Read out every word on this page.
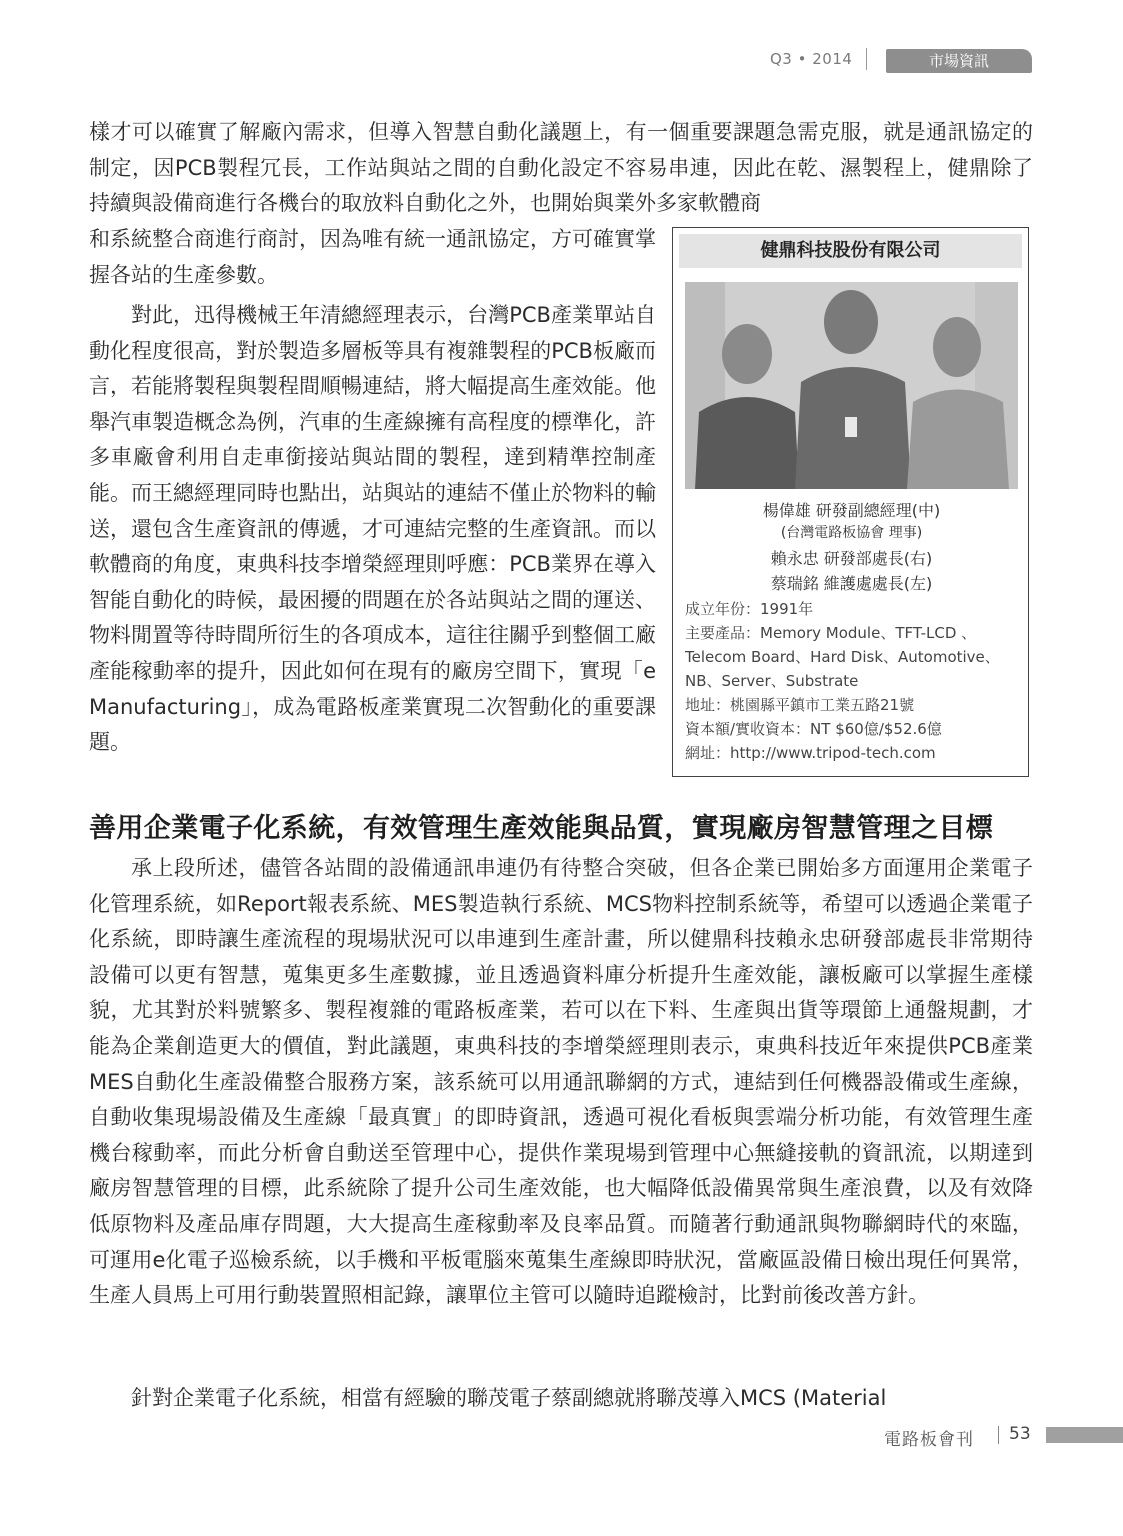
Q3 • 2014	市場資訊

樣才可以確實了解廠內需求，但導入智慧自動化議題上，有一個重要課題急需克服，就是通訊協定的制定，因PCB製程冗長，工作站與站之間的自動化設定不容易串連，因此在乾、濕製程上，健鼎除了持續與設備商進行各機台的取放料自動化之外，也開始與業外多家軟體商

和系統整合商進行商討，因為唯有統一通訊協定，方可確實掌握各站的生產參數。

對此，迅得機械王年清總經理表示，台灣PCB產業單站自動化程度很高，對於製造多層板等具有複雜製程的PCB板廠而言，若能將製程與製程間順暢連結，將大幅提高生產效能。他舉汽車製造概念為例，汽車的生產線擁有高程度的標準化，許多車廠會利用自走車銜接站與站間的製程，達到精準控制產能。而王總經理同時也點出，站與站的連結不僅止於物料的輸送，還包含生產資訊的傳遞，才可連結完整的生產資訊。而以軟體商的角度，東典科技李增榮經理則呼應：PCB業界在導入智能自動化的時候，最困擾的問題在於各站與站之間的運送、物料閒置等待時間所衍生的各項成本，這往往關乎到整個工廠產能稼動率的提升，因此如何在現有的廠房空間下，實現「e Manufacturing」，成為電路板產業實現二次智動化的重要課題。

健鼎科技股份有限公司
楊偉雄 研發副總經理(中)
(台灣電路板協會 理事)
賴永忠 研發部處長(右)
蔡瑞銘 維護處處長(左)
成立年份：1991年
主要產品：Memory Module、TFT-LCD 、
Telecom Board、Hard Disk、Automotive、
NB、Server、Substrate
地址：桃園縣平鎮市工業五路21號
資本額/實收資本：NT $60億/$52.6億
網址：http://www.tripod-tech.com
善用企業電子化系統，有效管理生產效能與品質，實現廠房智慧管理之目標

承上段所述，儘管各站間的設備通訊串連仍有待整合突破，但各企業已開始多方面運用企業電子化管理系統，如Report報表系統、MES製造執行系統、MCS物料控制系統等，希望可以透過企業電子化系統，即時讓生產流程的現場狀況可以串連到生產計畫，所以健鼎科技賴永忠研發部處長非常期待設備可以更有智慧，蒐集更多生產數據，並且透過資料庫分析提升生產效能，讓板廠可以掌握生產樣貌，尤其對於料號繁多、製程複雜的電路板產業，若可以在下料、生產與出貨等環節上通盤規劃，才能為企業創造更大的價值，對此議題，東典科技的李增榮經理則表示，東典科技近年來提供PCB產業MES自動化生產設備整合服務方案，該系統可以用通訊聯網的方式，連結到任何機器設備或生產線，自動收集現場設備及生產線「最真實」的即時資訊，透過可視化看板與雲端分析功能，有效管理生產機台稼動率，而此分析會自動送至管理中心，提供作業現場到管理中心無縫接軌的資訊流，以期達到廠房智慧管理的目標，此系統除了提升公司生產效能，也大幅降低設備異常與生產浪費，以及有效降低原物料及產品庫存問題，大大提高生產稼動率及良率品質。而隨著行動通訊與物聯網時代的來臨，可運用e化電子巡檢系統，以手機和平板電腦來蒐集生產線即時狀況，當廠區設備日檢出現任何異常，生產人員馬上可用行動裝置照相記錄，讓單位主管可以隨時追蹤檢討，比對前後改善方針。

針對企業電子化系統，相當有經驗的聯茂電子蔡副總就將聯茂導入MCS (Material

電路板會刊 53
